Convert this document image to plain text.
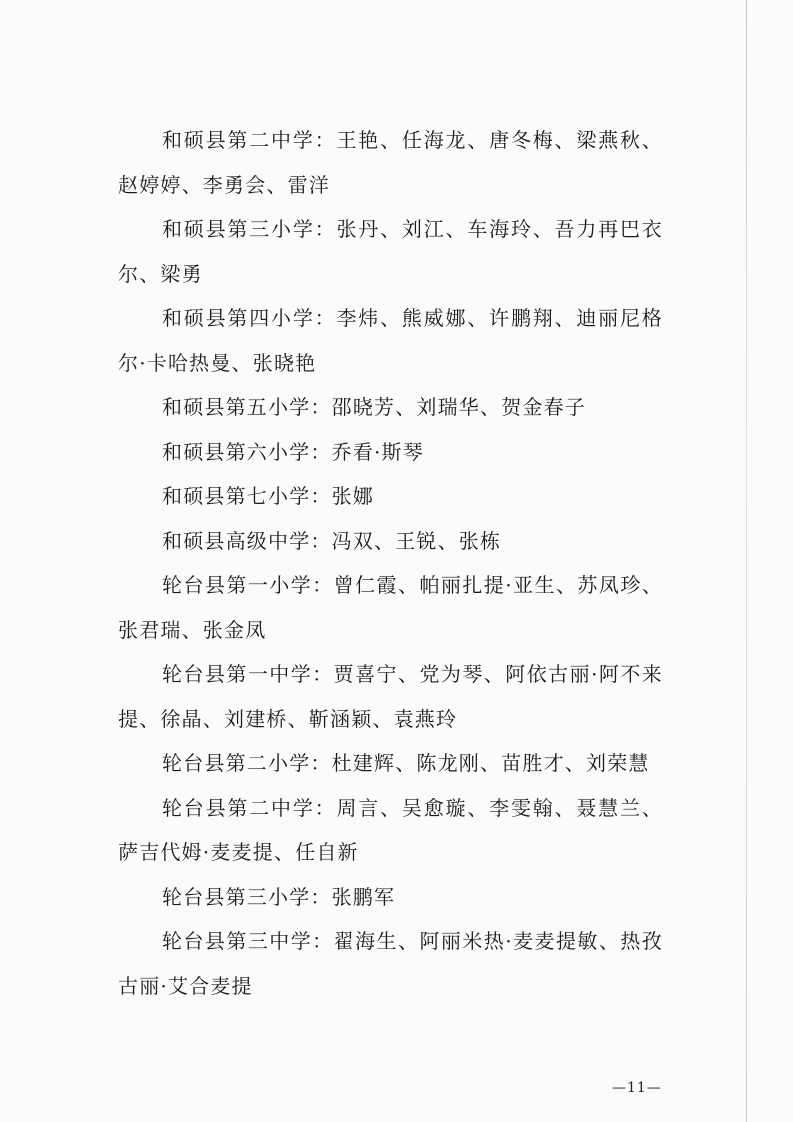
和硕县第二中学：王艳、任海龙、唐冬梅、梁燕秋、赵婷婷、李勇会、雷洋

和硕县第三小学：张丹、刘江、车海玲、吾力再巴衣尔、梁勇

和硕县第四小学：李炜、熊威娜、许鹏翔、迪丽尼格尔·卡哈热曼、张晓艳

和硕县第五小学：邵晓芳、刘瑞华、贺金春子

和硕县第六小学：乔看·斯琴

和硕县第七小学：张娜

和硕县高级中学：冯双、王锐、张栋

轮台县第一小学：曾仁霞、帕丽扎提·亚生、苏凤珍、张君瑞、张金凤

轮台县第一中学：贾喜宁、党为琴、阿依古丽·阿不来提、徐晶、刘建桥、靳涵颖、袁燕玲

轮台县第二小学：杜建辉、陈龙刚、苗胜才、刘荣慧

轮台县第二中学：周言、吴愈璇、李雯翰、聂慧兰、萨吉代姆·麦麦提、任自新

轮台县第三小学：张鹏军

轮台县第三中学：翟海生、阿丽米热·麦麦提敏、热孜古丽·艾合麦提

—11—
